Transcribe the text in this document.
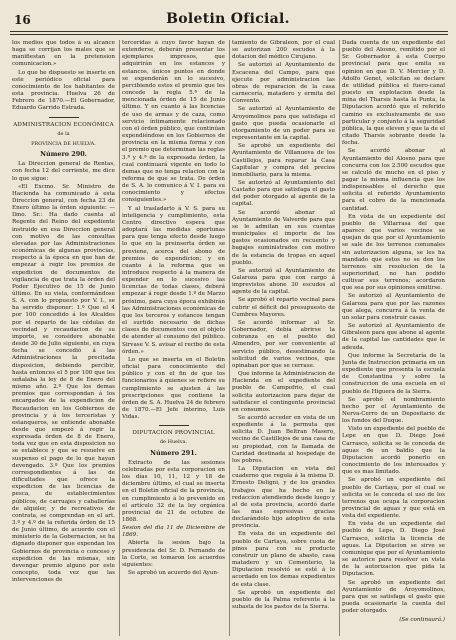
16	Boletin Oficial.

los medios que todos á su alcance haga se corrijan los males que se manifiestan en la pretension comunicacion.»

Lo que he dispuesto se inserte en este periódico oficial para conocimiento de los habitantes de esta provincia. Huelva 26 de Febrero de 1870.—El Gobernador, Eduardo Garrido Estrada.

ADMINISTRACION ECONÓMICA

de la

PROVINCIA DE HUELVA.

Número 290.

La Direccion general de Rentas, con fecha 12 del corriente, me dice lo que sigue:

«El Excmo. Sr. Ministro de Hacienda ha comunicado á esta Direccion general, con fecha 23 de Enero último la órden siguiente: —Ilmo. Sr.: Ha dado cuenta al Regente del Reino del expediente instruido en esa Direccion general con motivo de las consultas elevadas por las Administraciones económicas de algunas provincias, respecto á la época en que han de empezar á regir los premios de expedicion de documentos de vigilancia de que trata la órden del Poder Ejecutivo de 15 de Junio último. En su vista, conformándose S. A. con lo propuesto por V. I., se ha servido disponer: 1.º Que el 4 por 100 concedido á los Alcaldes por el reparto de las cédulas de vecindad y recaudacion de su importe, se considere abonable desde 30 de Julio siguiente, en cuya fecha se concedió á las Administraciones la precitada disposicion, debiendo percibir, hasta entonces el 5 por 100 que les señalaba la ley de 8 de Enero del mismo año. 2.º Que los demas premios que correspondan á los encargados de la expendicion de Recaudacion en los Gobiernos de provincia y á los terceristas y estanqueros, se entiende abonable desde que empezó á regir la expresada órden de 8 de Enero, toda vez que en esta disposicion no se establece y que se resuelve en suspenso el pago de lo que hayan devengado. 3.º Que los premios correspondientes á las de dificultades que ofrece la expedicion de las licencias de pesca, de establecimientos públicos, de carruajes y caballerías de alquiler, y de recreativos de contrata, se comprendan en el art. 3.º y 4.º de la referida órden de 15 de Junio último, de acuerdo con el ministerio de la Gobernacion, se ha dignado disponer que expendan los Gobiernos de provincia o conceso y expedicion de las mismas, sin devengar premio alguno por este concepto, toda vez que las intervenciones de

terceridas á cuyo favor hayan de extenderse, deberán presentar los ejemplares impresos, que adquirirán en los estancos y estancos, únicos puntos en donde se expenderán en lo sucesivo, percibiendo estos el premio que les concede la regla 5.ª de la mencionada órden de 15 de Junio último. Y en cuanto á las licencias de uso de armas y de caza, como servicio íntimamente relacionado con el órden público, que continúan expendiéndose en los Gobiernos de provincia en la misma forma y con el premio que determinan las reglas 3.ª y 4.ª de la expresada órden, la cual continuará vigente en todo lo demas que no tenga relacion con la reforma de que se trata. De órden de S. A. lo comunico á V. I. para su conocimiento y efectos consiguientes.»

Y al trasladarlo á V. S. para su inteligencia y cumplimiento, esta Centro directivo espera que adoptará las medidas oportunas para que tenga efecto desde luego lo que en la preinserta órden se previene, acerca del abono de premios de expendicion; y en cuanto á la reforma que se introduce respecto á la manera de expender en lo sucesivo las licencias de todas clases, deberá empezar á regir desde 1.º de Marzo próximo, para cuya época exhibirán las Administraciones económicas de que los terceros y estancos tengan el surtido necesario de dichas clases de documentos con el objeto de atender al consumo del público. Sirvase V. S. avisar el recibo de esta órden.»

Lo que se inserta en el Boletin oficial para conocimiento del público y con el fin de que los funcionarios á quienes se refiere su cumplimiento se ajusten á las prescripciones que contiene la órden de S. A. Huelva 24 de febrero de 1870.—El Jefe interino, Luis Vidas.

DIPUTACION PROVINCIAL

de Huelva.

Número 291.

Extracto de las sesiones celebradas por esta corporacion en los días 10, 11, 12 y 18 de diciembre último, el cual se inserta en el Boletin oficial de la provincia, en cumplimiento á lo prevenido en el artículo 32 de la ley orgánica provincial de 21 de octubre de 1868.

Sesion del dia 11 de Diciembre de 1869.

Abierta la sesion bajo la presidencia del Sr. D. Fernando de la Corte, se tomaron los acuerdos siguientes:

Se aprobó un acuerdo del Ayun-

tamiento de Gibraleon, por el cual se autorizan 200 escudos á la dotacion del médico Cirujano.

Se autorizó al Ayuntamiento de Escacena del Campo, para que ejecute por administracion las obras de reparacion de la casa carnecería, matadero y ermita del Convento.

Se autorizó al Ayuntamiento de Aroyomolinos para que satisfaga el gasto que pueda ocasionarle el otorgamiento de un poder para su representante en la capital.

Se aprobó un expediente del Ayuntamiento de Villanueva de los Castillejos, para reparar la Casa Capitular y compra del precios inmobiliario, para la misma.

Se autorizó al Ayuntamiento del Castaño para que satisfaga el gasto del poder otorgado al agente de la capital.

Se acordó abonar al Ayuntamiento de Valverde para que se le admitan en sus cuentas municipales el importe de los gastos ocasionados en recuento y bagajes suministrados con motivo de la estancia de tropas en aquel pueblo.

Se autorizó al Ayuntamiento de Galaroza para que con cargo á imprevistos abone 30 escudos al agente de la capital.

Se aprobó el reparto vecinal para cubrir el déficit del presupuesto de Cumbres Mayores.

Se acordó informar al Sr. Gobernador, debía abrirse la cobranza en el pueblo del Almendro, por ser conveniente al servicio público, desestimando la solicitud de varios vecinos, que opinaban por que se cerrase.

Que informe la Administracion de Hacienda en el expediente del pueblo de Campofrio, el cual solicita autorizacion para dejar de satisfacer el contingente provincial en consumos.

Se acordó acceder en vista de un expediente á la permuta que solicita D. Juan Beltran Masero, vecino de Castillejos de una casa de su propiedad, con la llamada de Caridad destinada al hospedaje de los pobres.

La Diputacion en vista del cuaderno que regula á la misma D. Ernesto Deligni, y de los grandes trabajos que ha hecho en la redaccion atendiendo desde luego y al de esta provincia, acordó darle las mas espresivas gracias declarándolo hijo adoptivo de esta provincia.

En vista de un expediente del pueblo de Cartaya, sobre cuota de pinos para con su producto construir un plano de abasto, casa matadero y un Cementerio, la Diputacion resolvió se esté á lo acordado en los demas expedientes de esta clase.

Se aprobó un expediente del pueblo de la Palma referente á la subasta de los pastos de la Sierra.

Dada cuenta de un expediente del pueblo del Alosno, remitido por el Sr. Gobernador á esta Cuerpo provincial para que emita su opinion en que D. V. Mercier y D. Adolfo Genet, solicitan se declare de utilidad pública el fuero-canal puesto en explotacion desde la mina del Tharsis hasta la Punta, la Diputacion acordó que el referido camino es exclusivamente de uso particular y conjunto á la seguridad pública, la que eleven y que la de el citado Tharsis sobrante desde la fecha.

Se acordó abonar al Ayuntamiento del Alosno para que concurra con los 2.500 escudos que se calculó de mucho en el piso y pagar la misma influencia que los indispensables el derecho que solicita el referido Ayuntamiento para el cobro de la mencionada cantidad.

En vista de un expediente del pueblo de Villarrasa del que aparece que varios vecinos se quejan de que por el Ayuntamiento se sale de los terrenos comunales sin autorizacion alguna, se les ha mandado que estos no se den los terrenos sin resolucion de la superioridad, no han podido cultivar sus terrenos; acordaron que sea por sus opiniones emitirse.

Se autorizó al Ayuntamiento de Galaroza para que por las razones que alega, concurra á la venta de un solar para construir casas.

Se autorizó al Ayuntamiento de Gibraleon para que abone al agente de la capital las cantidades que le adeuda.

Que informe la Secretaría de la Junta de Instruccion primaria en un expediente que presenta la escuela de Constantina y sobre la construccion de una escuela en el pueblo de Higuera de la Sierra.

Se aprobó el nombramiento hecho por el Ayuntamiento de Nerva-Cerro de un Depositario de los fondos del Duque.

Visto un expediente del pueblo de Lepe en que D. Diego José Carrasco, solicita se le conceda de aguas de un baldío que la Diputacion acordó ponerlo en conocimiento de los interesados y que es mas limitado.

Se aprobó un expediente del pueblo de Cartaya, por el cual se solicita se le conceda el uso de los terrenos que ocupa la corporacion provincial de aguas y que está en vista del expediente.

En vista de un expediente del pueblo de Lepe, D. Diego José Carrasco, solicita la licencia de aguas. La Diputacion se sirve se comunique que por el Ayuntamiento se autorice para resolver en vista de la autorizacion que pida la Diputacion.

Se aprobó un expediente del Ayuntamiento de Aroyomolinos, para que se satisfaga el gasto que pueda ocasionarle la cuenta del poder otorgado.

(Se continuará.)
